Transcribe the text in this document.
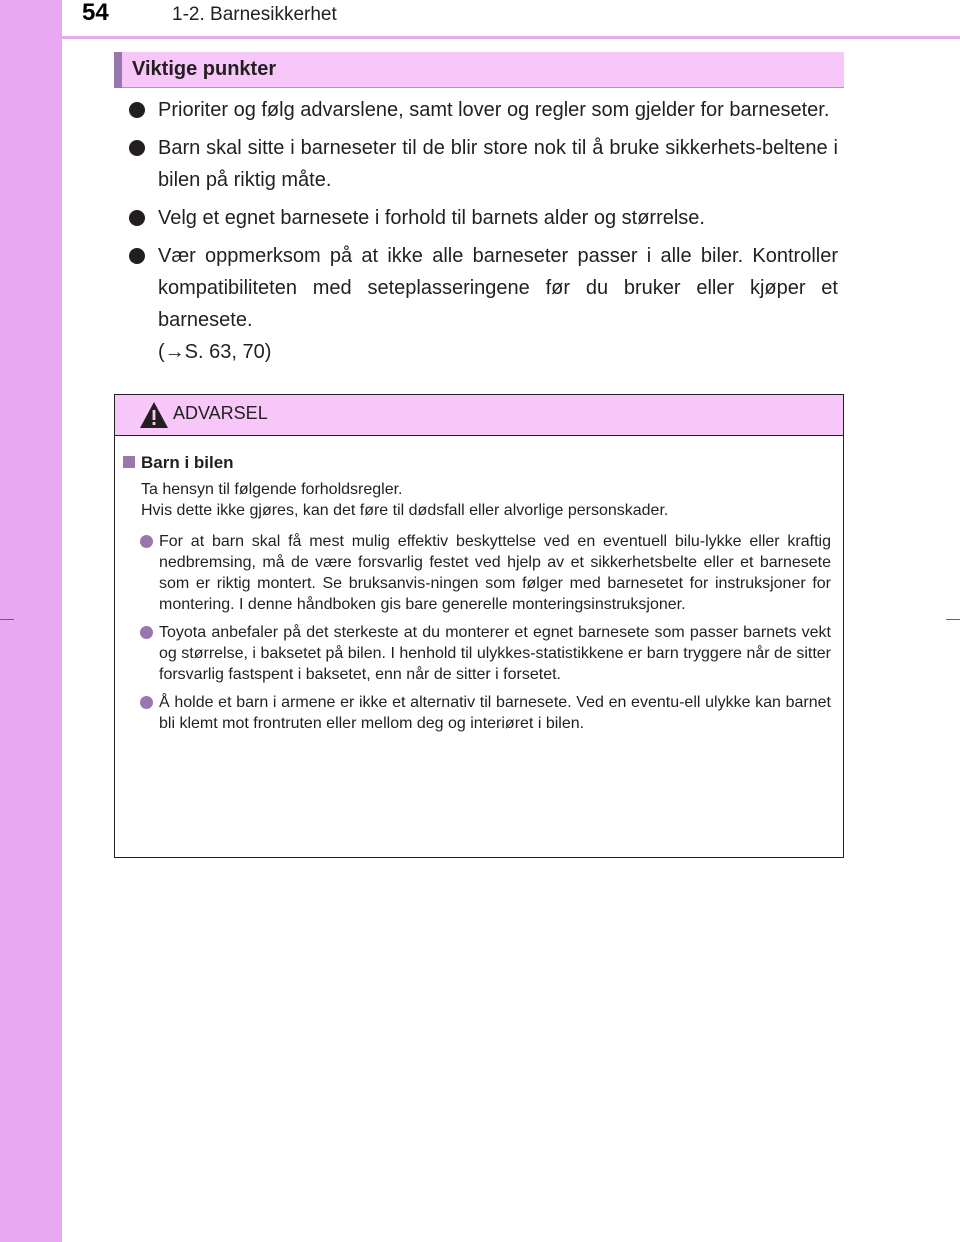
54	1-2. Barnesikkerhet
Viktige punkter
Prioriter og følg advarslene, samt lover og regler som gjelder for barneseter.
Barn skal sitte i barneseter til de blir store nok til å bruke sikkerhets-beltene i bilen på riktig måte.
Velg et egnet barnesete i forhold til barnets alder og størrelse.
Vær oppmerksom på at ikke alle barneseter passer i alle biler. Kontroller kompatibiliteten med seteplasseringene før du bruker eller kjøper et barnesete.
(→S. 63, 70)
ADVARSEL
Barn i bilen
Ta hensyn til følgende forholdsregler.
Hvis dette ikke gjøres, kan det føre til dødsfall eller alvorlige personskader.
For at barn skal få mest mulig effektiv beskyttelse ved en eventuell bilu-lykke eller kraftig nedbremsing, må de være forsvarlig festet ved hjelp av et sikkerhetsbelte eller et barnesete som er riktig montert. Se bruksanvis-ningen som følger med barnesetet for instruksjoner for montering. I denne håndboken gis bare generelle monteringsinstruksjoner.
Toyota anbefaler på det sterkeste at du monterer et egnet barnesete som passer barnets vekt og størrelse, i baksetet på bilen. I henhold til ulykkes-statistikkene er barn tryggere når de sitter forsvarlig fastspent i baksetet, enn når de sitter i forsetet.
Å holde et barn i armene er ikke et alternativ til barnesete. Ved en eventu-ell ulykke kan barnet bli klemt mot frontruten eller mellom deg og interiøret i bilen.
